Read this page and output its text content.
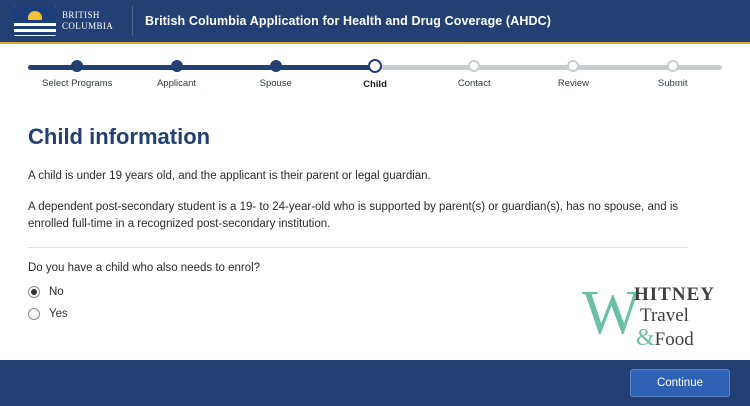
BRITISH
COLUMBIA	British Columbia Application for Health and Drug Coverage (AHDC)
Select Programs	Applicant	Spouse	Child	Contact	Review	Submit
Child information

A child is under 19 years old, and the applicant is their parent or legal guardian.

A dependent post-secondary student is a 19- to 24-year-old who is supported by parent(s) or guardian(s), has no spouse, and is enrolled full-time in a recognized post-secondary institution.

Do you have a child who also needs to enrol?

No
Yes	W
HITNEY
Travel
&Food
Continue
